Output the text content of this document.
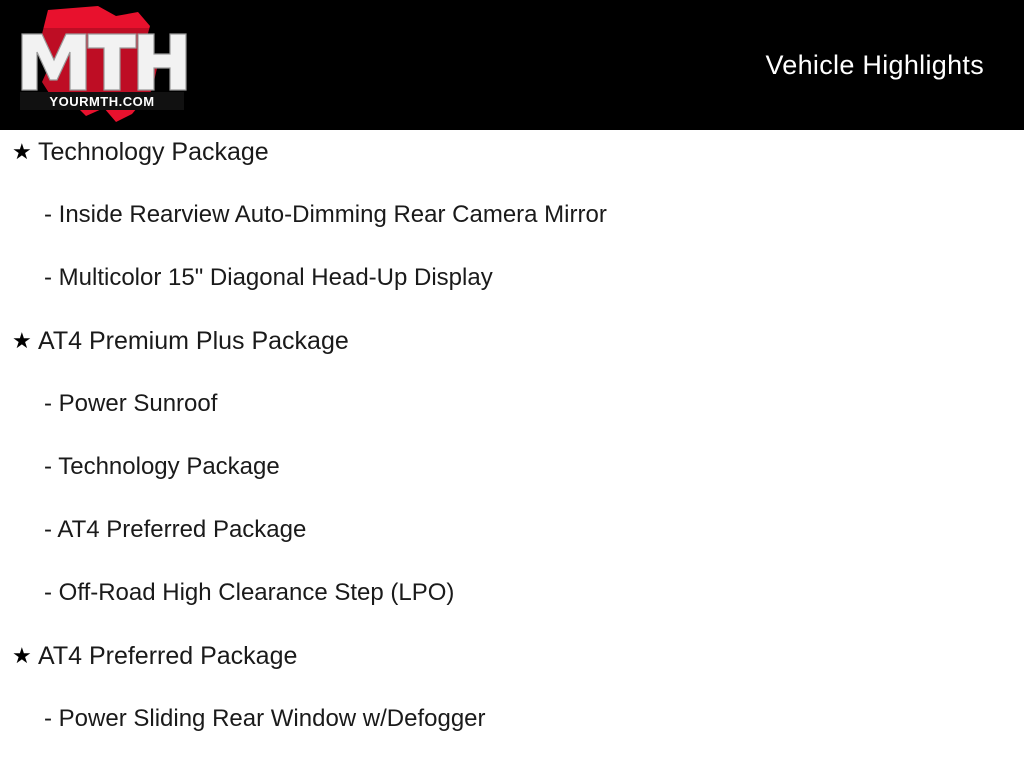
YOURMTH.COM
Vehicle Highlights
★ Technology Package
- Inside Rearview Auto-Dimming Rear Camera Mirror
- Multicolor 15" Diagonal Head-Up Display
★ AT4 Premium Plus Package
- Power Sunroof
- Technology Package
- AT4 Preferred Package
- Off-Road High Clearance Step (LPO)
★ AT4 Preferred Package
- Power Sliding Rear Window w/Defogger
